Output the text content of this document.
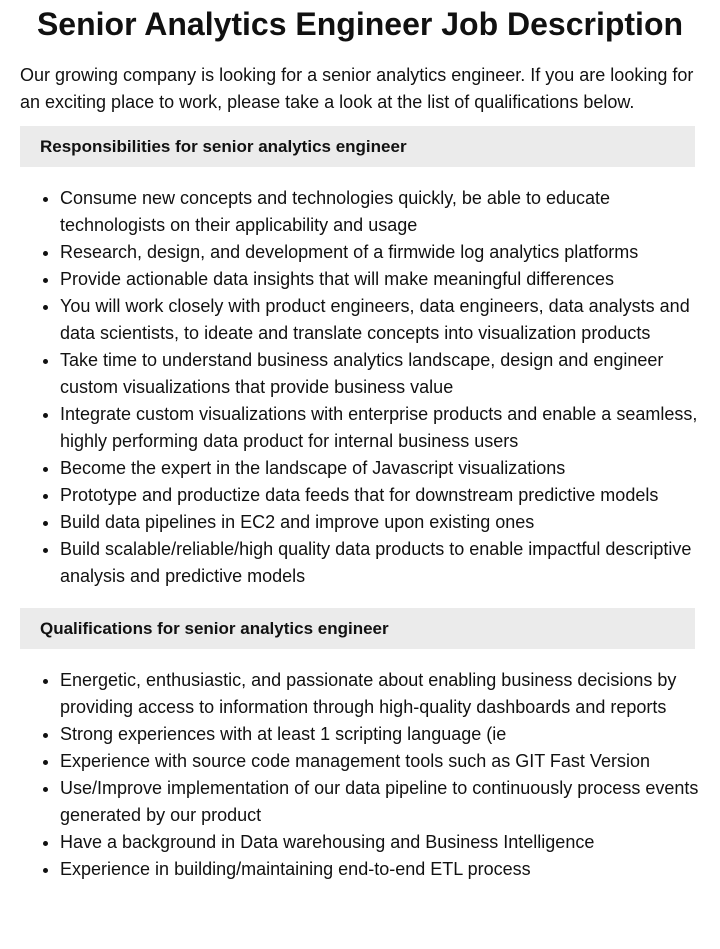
Senior Analytics Engineer Job Description

Our growing company is looking for a senior analytics engineer. If you are looking for an exciting place to work, please take a look at the list of qualifications below.

Responsibilities for senior analytics engineer
• Consume new concepts and technologies quickly, be able to educate technologists on their applicability and usage
• Research, design, and development of a firmwide log analytics platforms
• Provide actionable data insights that will make meaningful differences
• You will work closely with product engineers, data engineers, data analysts and data scientists, to ideate and translate concepts into visualization products
• Take time to understand business analytics landscape, design and engineer custom visualizations that provide business value
• Integrate custom visualizations with enterprise products and enable a seamless, highly performing data product for internal business users
• Become the expert in the landscape of Javascript visualizations
• Prototype and productize data feeds that for downstream predictive models
• Build data pipelines in EC2 and improve upon existing ones
• Build scalable/reliable/high quality data products to enable impactful descriptive analysis and predictive models
Qualifications for senior analytics engineer
• Energetic, enthusiastic, and passionate about enabling business decisions by providing access to information through high-quality dashboards and reports
• Strong experiences with at least 1 scripting language (ie
• Experience with source code management tools such as GIT Fast Version
• Use/Improve implementation of our data pipeline to continuously process events generated by our product
• Have a background in Data warehousing and Business Intelligence
• Experience in building/maintaining end-to-end ETL process
